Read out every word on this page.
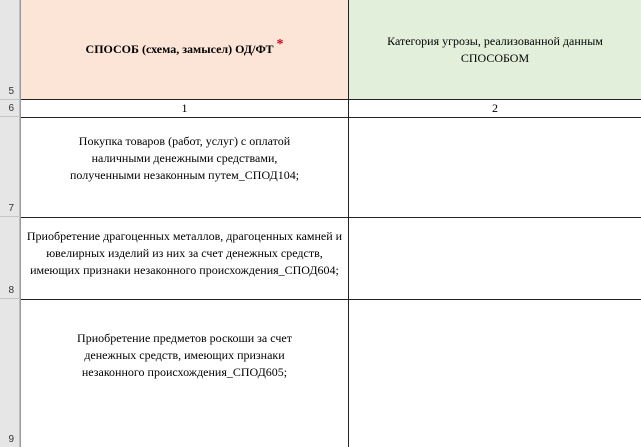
5
6
7
8
9
СПОСОБ (схема, замысел) ОД/ФТ *	Категория угрозы, реализованной данным СПОСОБОМ
1	2
Покупка товаров (работ, услуг) с оплатой наличными денежными средствами, полученными незаконным путем_СПОД104;
Приобретение драгоценных металлов, драгоценных камней и ювелирных изделий из них за счет денежных средств, имеющих признаки незаконного происхождения_СПОД604;
Приобретение предметов роскоши за счет денежных средств, имеющих признаки незаконного происхождения_СПОД605;
